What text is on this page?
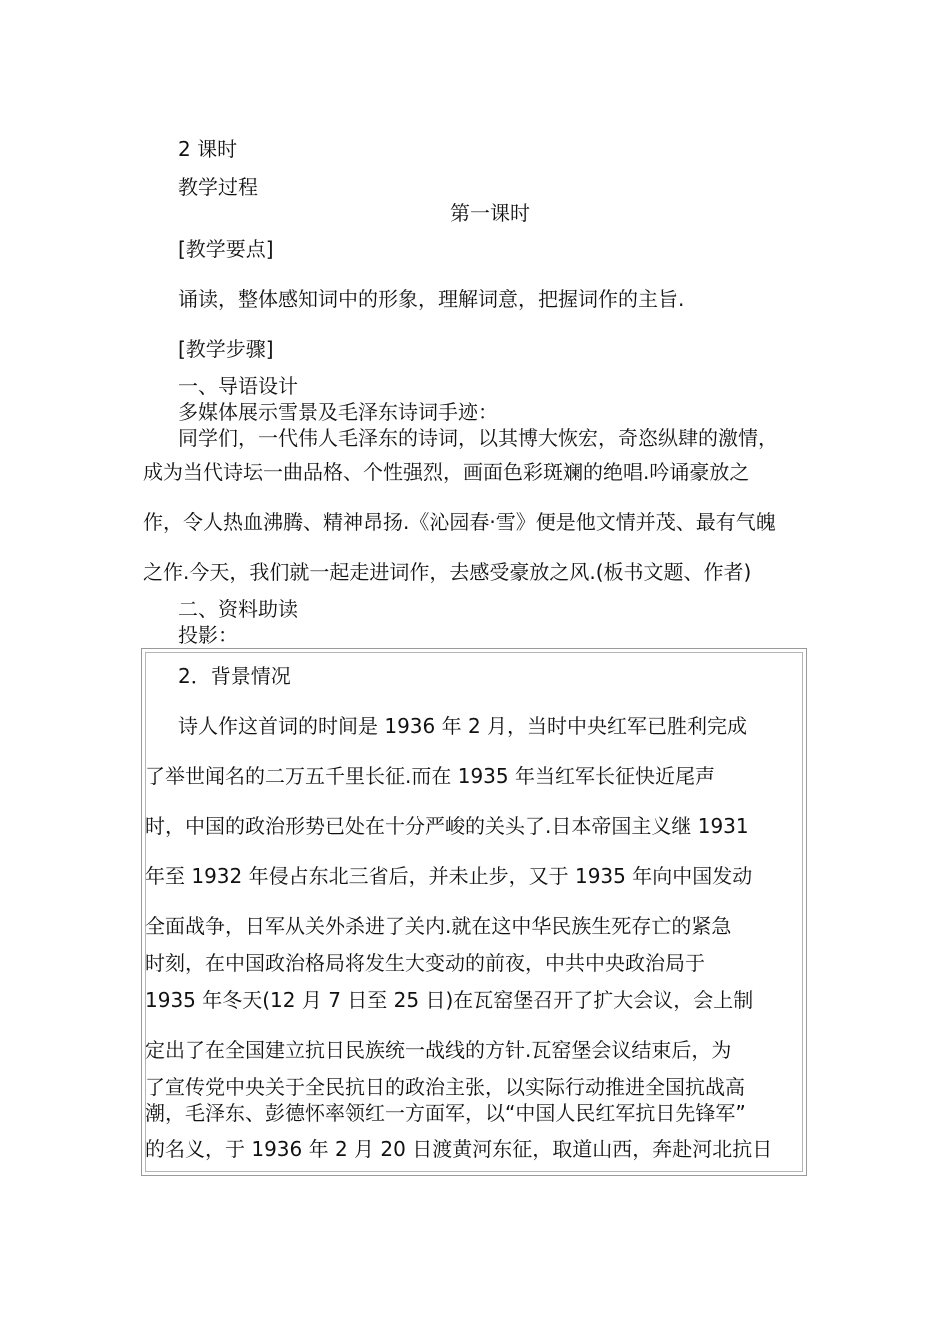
2 课时
教学过程
第一课时
[教学要点]
诵读，整体感知词中的形象，理解词意，把握词作的主旨.
[教学步骤]
一、导语设计
多媒体展示雪景及毛泽东诗词手迹：
同学们，一代伟人毛泽东的诗词，以其博大恢宏，奇恣纵肆的激情，
成为当代诗坛一曲品格、个性强烈，画面色彩斑斓的绝唱.吟诵豪放之
作，令人热血沸腾、精神昂扬.《沁园春·雪》便是他文情并茂、最有气魄
之作.今天，我们就一起走进词作，去感受豪放之风.(板书文题、作者)
二、资料助读
投影：
2．背景情况
诗人作这首词的时间是 1936 年 2 月，当时中央红军已胜利完成
了举世闻名的二万五千里长征.而在 1935 年当红军长征快近尾声
时，中国的政治形势已处在十分严峻的关头了.日本帝国主义继 1931
年至 1932 年侵占东北三省后，并未止步，又于 1935 年向中国发动
全面战争，日军从关外杀进了关内.就在这中华民族生死存亡的紧急
时刻，在中国政治格局将发生大变动的前夜，中共中央政治局于
1935 年冬天(12 月 7 日至 25 日)在瓦窑堡召开了扩大会议，会上制
定出了在全国建立抗日民族统一战线的方针.瓦窑堡会议结束后，为
了宣传党中央关于全民抗日的政治主张，以实际行动推进全国抗战高
潮，毛泽东、彭德怀率领红一方面军，以“中国人民红军抗日先锋军”
的名义，于 1936 年 2 月 20 日渡黄河东征，取道山西，奔赴河北抗日
